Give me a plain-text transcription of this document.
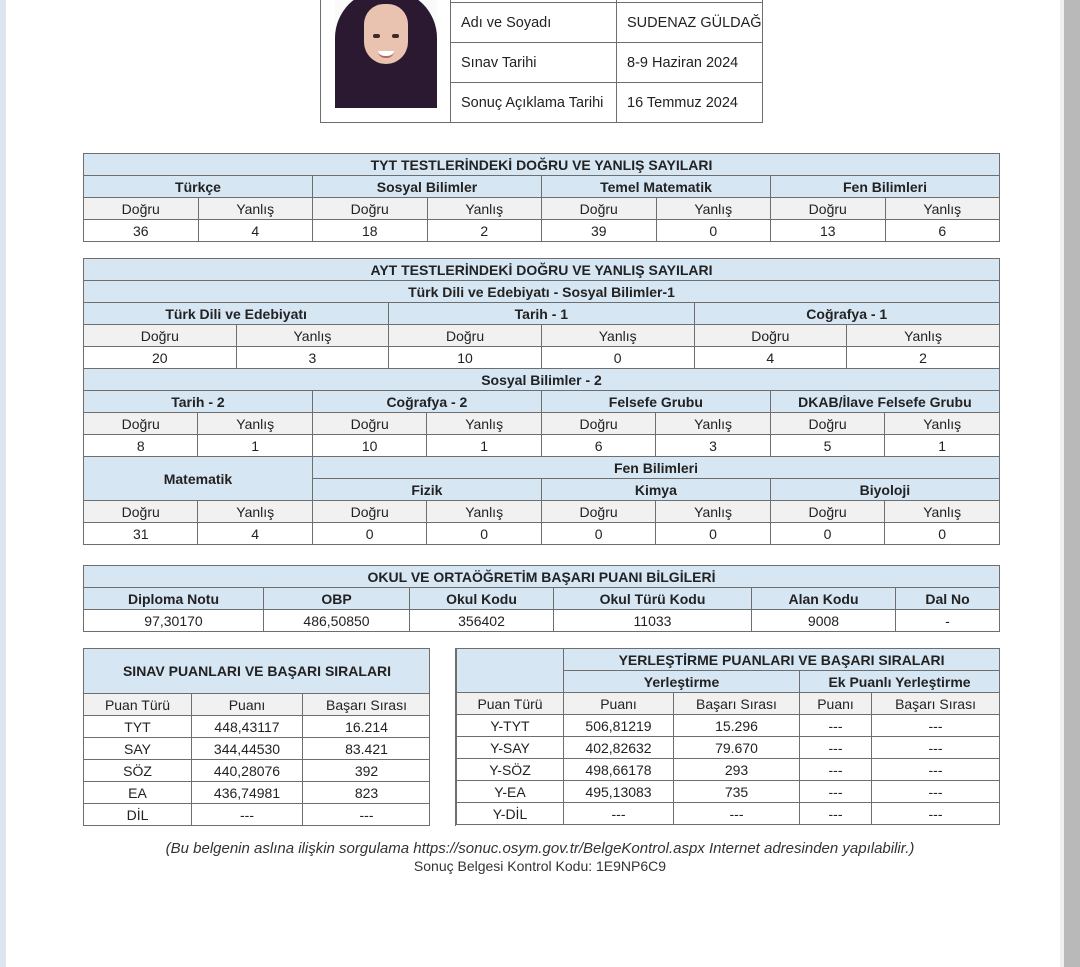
	Adı ve Soyadı	SUDENAZ GÜLDAĞ
	Sınav Tarihi	8-9 Haziran 2024
	Sonuç Açıklama Tarihi	16 Temmuz 2024
TYT TESTLERİNDEKİ DOĞRU VE YANLIŞ SAYILARI							
Türkçe		Sosyal Bilimler		Temel Matematik		Fen Bilimleri	
Doğru	Yanlış	Doğru	Yanlış	Doğru	Yanlış	Doğru	Yanlış
36	4	18	2	39	0	13	6
AYT TESTLERİNDEKİ DOĞRU VE YANLIŞ SAYILARI											
Türk Dili ve Edebiyatı - Sosyal Bilimler-1											
Türk Dili ve Edebiyatı				Tarih - 1				Coğrafya - 1			
Doğru		Yanlış		Doğru		Yanlış		Doğru		Yanlış	
20		3		10		0		4		2	
Sosyal Bilimler - 2											
Tarih - 2			Coğrafya - 2			Felsefe Grubu			DKAB/İlave Felsefe Grubu		
Doğru	Yanlış		Doğru		Yanlış	Doğru	Yanlış		Doğru		Yanlış
8	1		10		1	6	3		5		1
Matematik			Fen Bilimleri								
			Fizik			Kimya			Biyoloji		
Doğru	Yanlış		Doğru		Yanlış	Doğru	Yanlış		Doğru		Yanlış
31	4		0		0	0	0		0		0
OKUL VE ORTAÖĞRETİM BAŞARI PUANI BİLGİLERİ					
Diploma Notu	OBP	Okul Kodu	Okul Türü Kodu	Alan Kodu	Dal No
97,30170	486,50850	356402	11033	9008	-
SINAV PUANLARI VE BAŞARI SIRALARI		
Puan Türü	Puanı	Başarı Sırası
TYT	448,43117	16.214
SAY	344,44530	83.421
SÖZ	440,28076	392
EA	436,74981	823
DİL	---	---
	YERLEŞTİRME PUANLARI VE BAŞARI SIRALARI			
	Yerleştirme		Ek Puanlı Yerleştirme	
Puan Türü	Puanı	Başarı Sırası	Puanı	Başarı Sırası
Y-TYT	506,81219	15.296	---	---
Y-SAY	402,82632	79.670	---	---
Y-SÖZ	498,66178	293	---	---
Y-EA	495,13083	735	---	---
Y-DİL	---	---	---	---
(Bu belgenin aslına ilişkin sorgulama https://sonuc.osym.gov.tr/BelgeKontrol.aspx Internet adresinden yapılabilir.)
Sonuç Belgesi Kontrol Kodu: 1E9NP6C9
